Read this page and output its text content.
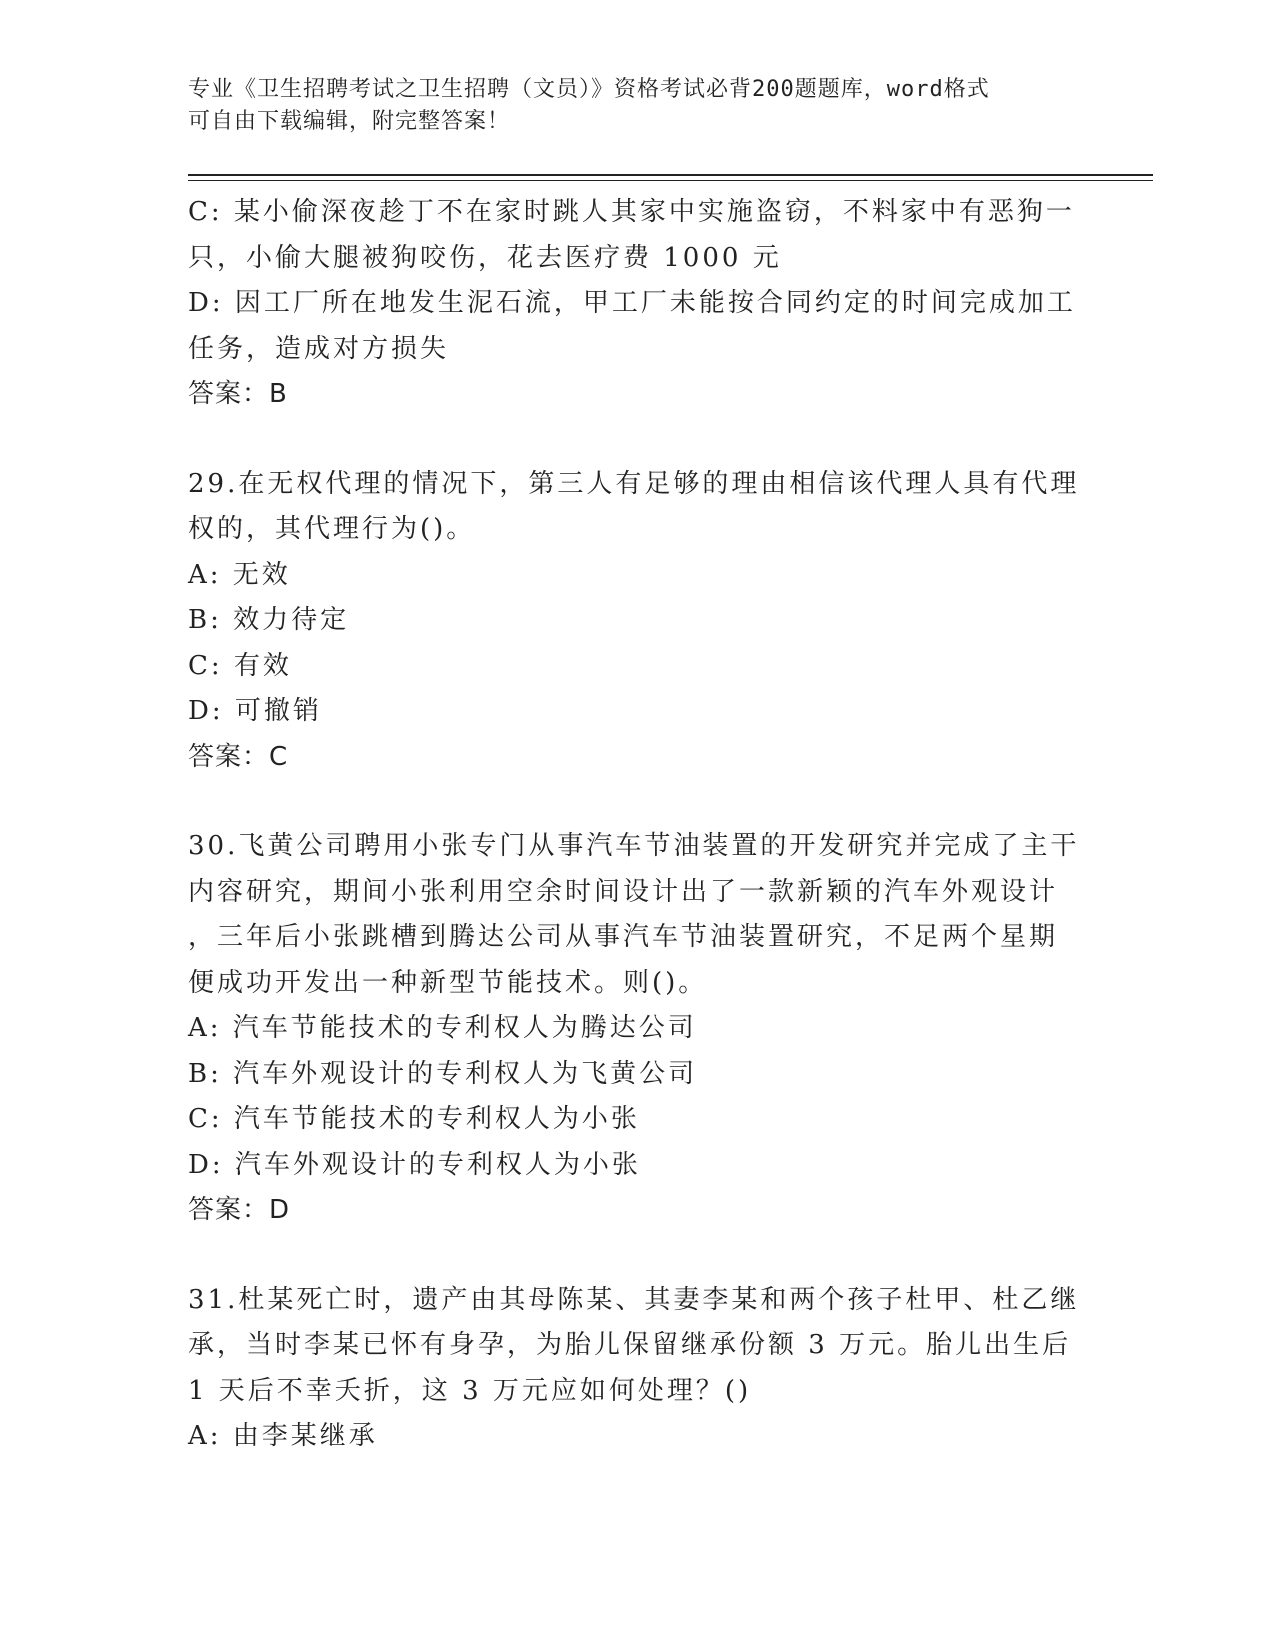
专业《卫生招聘考试之卫生招聘（文员）》资格考试必背200题题库，word格式
可自由下载编辑，附完整答案！
C: 某小偷深夜趁丁不在家时跳人其家中实施盗窃，不料家中有恶狗一
只，小偷大腿被狗咬伤，花去医疗费 1000 元
D: 因工厂所在地发生泥石流，甲工厂未能按合同约定的时间完成加工
任务，造成对方损失
答案：B
29.在无权代理的情况下，第三人有足够的理由相信该代理人具有代理
权的，其代理行为()。
A: 无效
B: 效力待定
C: 有效
D: 可撤销
答案：C
30.飞黄公司聘用小张专门从事汽车节油装置的开发研究并完成了主干
内容研究，期间小张利用空余时间设计出了一款新颖的汽车外观设计
，三年后小张跳槽到腾达公司从事汽车节油装置研究，不足两个星期
便成功开发出一种新型节能技术。则()。
A: 汽车节能技术的专利权人为腾达公司
B: 汽车外观设计的专利权人为飞黄公司
C: 汽车节能技术的专利权人为小张
D: 汽车外观设计的专利权人为小张
答案：D
31.杜某死亡时，遗产由其母陈某、其妻李某和两个孩子杜甲、杜乙继
承，当时李某已怀有身孕，为胎儿保留继承份额 3 万元。胎儿出生后
1 天后不幸夭折，这 3 万元应如何处理？()
A: 由李某继承
